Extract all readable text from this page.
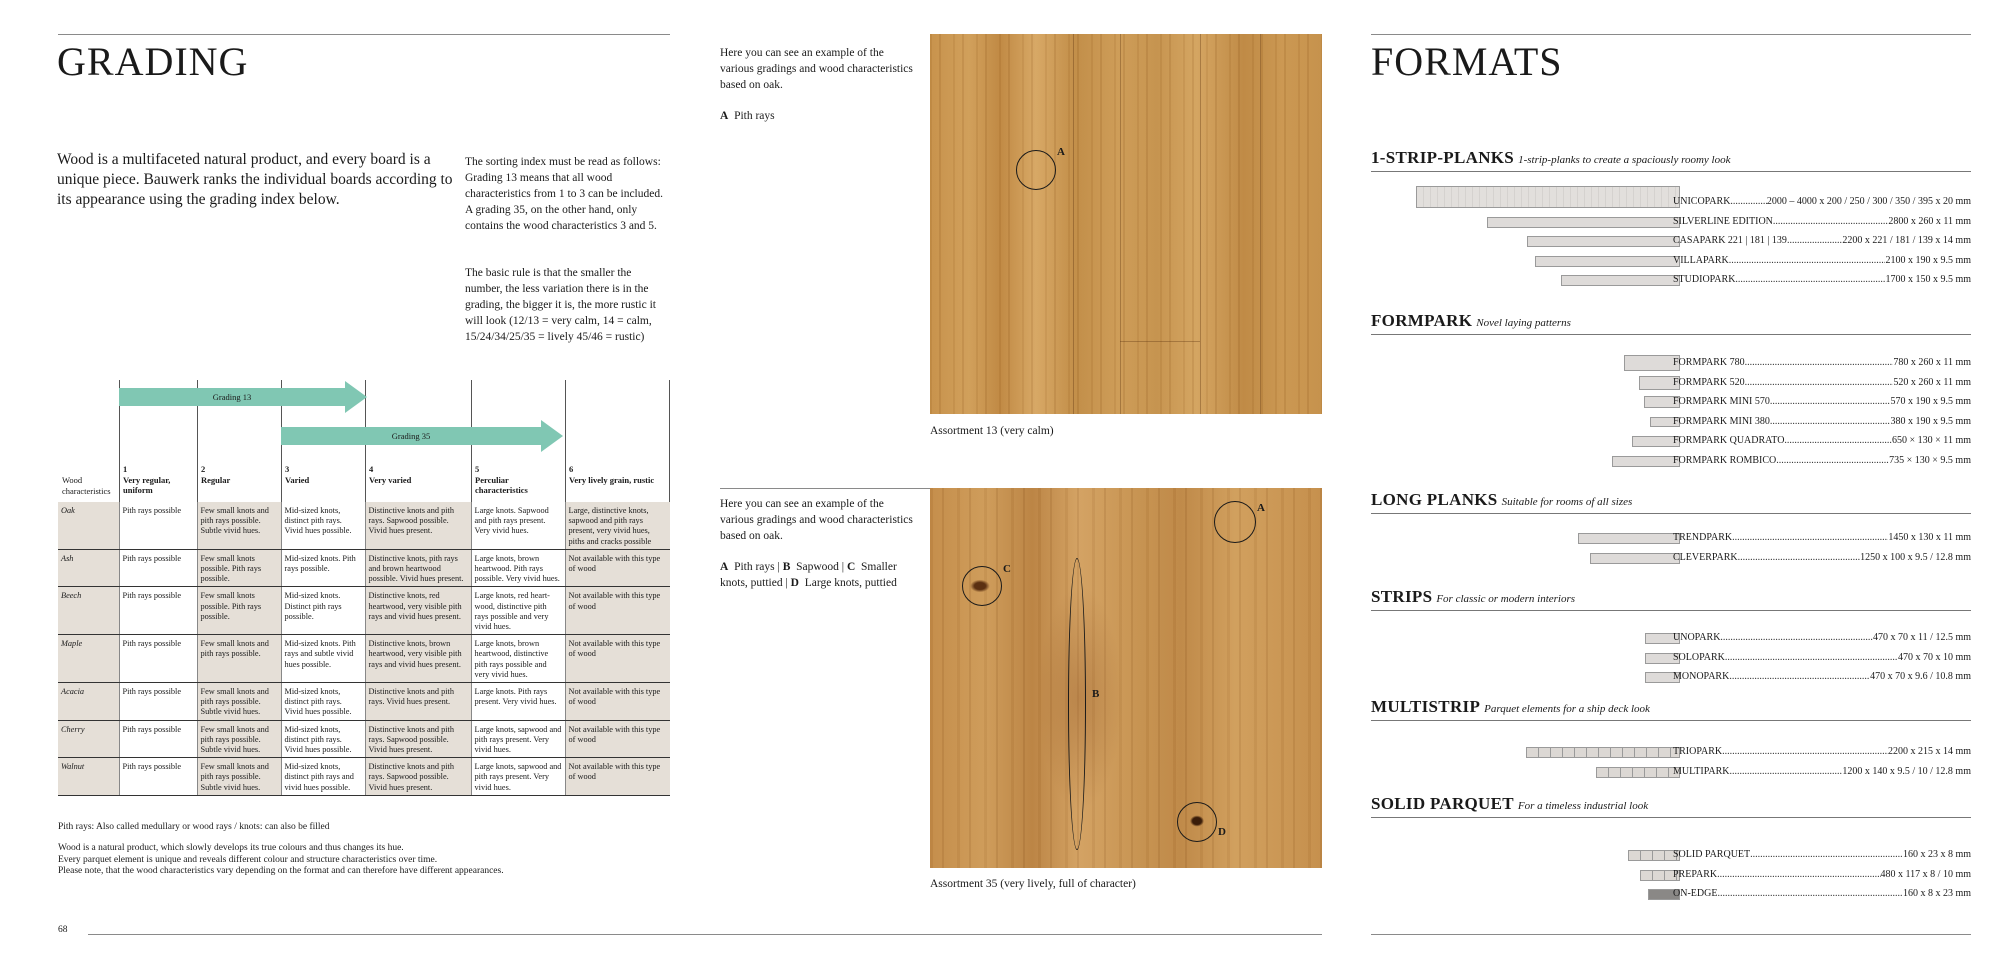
GRADING
Wood is a multifaceted natural product, and every board is a unique piece. Bauwerk ranks the individual boards according to its appearance using the grading index below.
The sorting index must be read as follows: Grading 13 means that all wood characteristics from 1 to 3 can be included. A grading 35, on the other hand, only contains the wood characteristics 3 and 5.
The basic rule is that the smaller the number, the less variation there is in the grading, the bigger it is, the more rustic it will look (12/13 = very calm, 14 = calm, 15/24/34/25/35 = lively 45/46 = rustic)
Grading 13
Grading 35
Wood characteristics
1
Very regular, uniform
2
Regular
3
Varied
4
Very varied
5
Perculiar characteristics
6
Very lively grain, rustic
Oak	Pith rays possible	Few small knots and pith rays possible. Subtle vivid hues.	Mid-sized knots, distinct pith rays. Vivid hues possible.	Distinctive knots and pith rays. Sapwood possible. Vivid hues present.	Large knots. Sapwood and pith rays present. Very vivid hues.	Large, distinctive knots, sapwood and pith rays present, very vivid hues, piths and cracks possible
Ash	Pith rays possible	Few small knots possible. Pith rays possible.	Mid-sized knots. Pith rays possible.	Distinctive knots, pith rays and brown heartwood possible. Vivid hues present.	Large knots, brown heartwood. Pith rays possible. Very vivid hues.	Not available with this type of wood
Beech	Pith rays possible	Few small knots possible. Pith rays possible.	Mid-sized knots. Distinct pith rays possible.	Distinctive knots, red heartwood, very visible pith rays and vivid hues present.	Large knots, red heartwood, distinctive pith rays possible and very vivid hues.	Not available with this type of wood
Maple	Pith rays possible	Few small knots and pith rays possible.	Mid-sized knots. Pith rays and subtle vivid hues possible.	Distinctive knots, brown heartwood, very visible pith rays and vivid hues present.	Large knots, brown heartwood, distinctive pith rays possible and very vivid hues.	Not available with this type of wood
Acacia	Pith rays possible	Few small knots and pith rays possible. Subtle vivid hues.	Mid-sized knots, distinct pith rays. Vivid hues possible.	Distinctive knots and pith rays. Vivid hues present.	Large knots. Pith rays present. Very vivid hues.	Not available with this type of wood
Cherry	Pith rays possible	Few small knots and pith rays possible. Subtle vivid hues.	Mid-sized knots, distinct pith rays. Vivid hues possible.	Distinctive knots and pith rays. Sapwood possible. Vivid hues present.	Large knots, sapwood and pith rays present. Very vivid hues.	Not available with this type of wood
Walnut	Pith rays possible	Few small knots and pith rays possible. Subtle vivid hues.	Mid-sized knots, distinct pith rays and vivid hues possible.	Distinctive knots and pith rays. Sapwood possible. Vivid hues present.	Large knots, sapwood and pith rays present. Very vivid hues.	Not available with this type of wood
Pith rays: Also called medullary or wood rays / knots: can also be filled
Wood is a natural product, which slowly develops its true colours and thus changes its hue.
Every parquet element is unique and reveals different colour and structure characteristics over time.
Please note, that the wood characteristics vary depending on the format and can therefore have different appearances.
68
Here you can see an example of the various gradings and wood characteristics based on oak.
A Pith rays
A
Assortment 13 (very calm)
Here you can see an example of the various gradings and wood characteristics based on oak.
A Pith rays | B Sapwood | C Smaller knots, puttied | D Large knots, puttied
A
C
B
D
Assortment 35 (very lively, full of character)
FORMATS
1-STRIP-PLANKS 1-strip-planks to create a spaciously roomy look
UNICOPARK .....	2000 – 4000 x 200 / 250 / 300 / 350 / 395 x 20 mm
SILVERLINE EDITION .....	2800 x 260 x 11 mm
CASAPARK 221 | 181 | 139 .....	2200 x 221 / 181 / 139 x 14 mm
VILLAPARK .....	2100 x 190 x 9.5 mm
STUDIOPARK .....	1700 x 150 x 9.5 mm
FORMPARK Novel laying patterns
FORMPARK 780 .....	780 x 260 x 11 mm
FORMPARK 520 .....	520 x 260 x 11 mm
FORMPARK MINI 570 .....	570 x 190 x 9.5 mm
FORMPARK MINI 380 .....	380 x 190 x 9.5 mm
FORMPARK QUADRATO .....	650 × 130 × 11 mm
FORMPARK ROMBICO .....	735 × 130 × 9.5 mm
LONG PLANKS Suitable for rooms of all sizes
TRENDPARK .....	1450 x 130 x 11 mm
CLEVERPARK .....	1250 x 100 x 9.5 / 12.8 mm
STRIPS For classic or modern interiors
UNOPARK .....	470 x 70 x 11 / 12.5 mm
SOLOPARK .....	470 x 70 x 10 mm
MONOPARK .....	470 x 70 x 9.6 / 10.8 mm
MULTISTRIP Parquet elements for a ship deck look
TRIOPARK .....	2200 x 215 x 14 mm
MULTIPARK .....	1200 x 140 x 9.5 / 10 / 12.8 mm
SOLID PARQUET For a timeless industrial look
SOLID PARQUET .....	160 x 23 x 8 mm
PREPARK .....	480 x 117 x 8 / 10 mm
ON-EDGE .....	160 x 8 x 23 mm
